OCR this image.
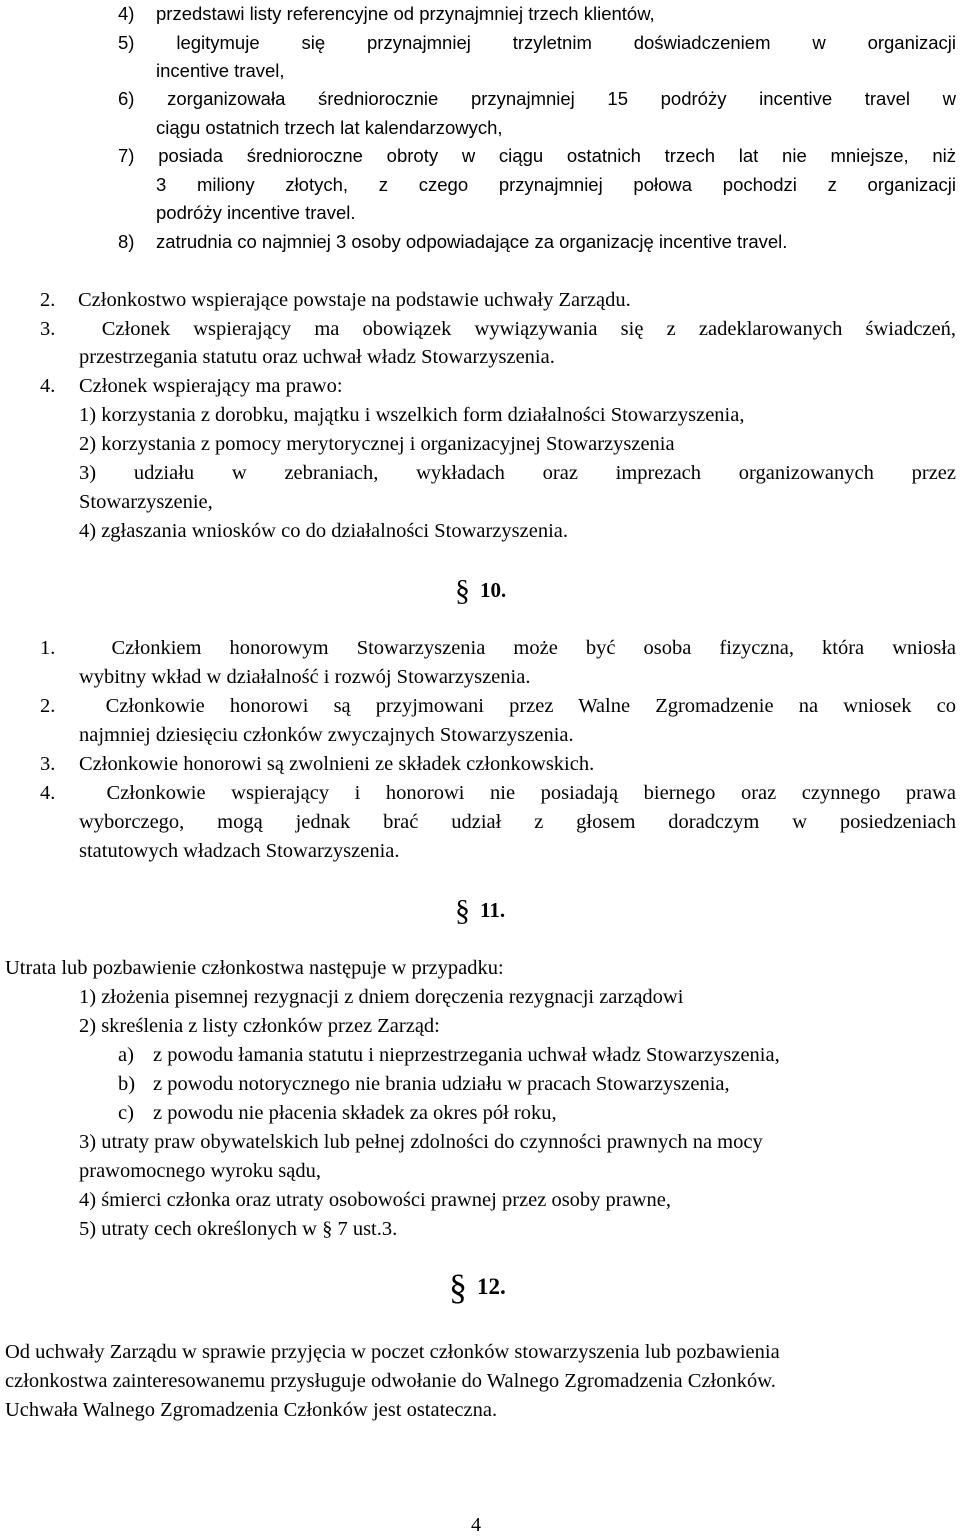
4) przedstawi listy referencyjne od przynajmniej trzech klientów,
5) legitymuje się przynajmniej trzyletnim doświadczeniem w organizacji
incentive travel,
6) zorganizowała średniorocznie przynajmniej 15 podróży incentive travel w
ciągu ostatnich trzech lat kalendarzowych,
7) posiada średnioroczne obroty w ciągu ostatnich trzech lat nie mniejsze, niż
3 miliony złotych, z czego przynajmniej połowa pochodzi z organizacji
podróży incentive travel.
8) zatrudnia co najmniej 3 osoby odpowiadające za organizację incentive travel.
2. Członkostwo wspierające powstaje na podstawie uchwały Zarządu.
3. Członek wspierający ma obowiązek wywiązywania się z zadeklarowanych świadczeń,
przestrzegania statutu oraz uchwał władz Stowarzyszenia.
4. Członek wspierający ma prawo:
1) korzystania z dorobku, majątku i wszelkich form działalności Stowarzyszenia,
2) korzystania z pomocy merytorycznej i organizacyjnej Stowarzyszenia
3) udziału w zebraniach, wykładach oraz imprezach organizowanych przez
Stowarzyszenie,
4) zgłaszania wniosków co do działalności Stowarzyszenia.
§ 10.
1.	Członkiem honorowym Stowarzyszenia może być osoba fizyczna, która wniosła
wybitny wkład w działalność i rozwój Stowarzyszenia.
2. Członkowie honorowi są przyjmowani przez Walne Zgromadzenie na wniosek co
najmniej dziesięciu członków zwyczajnych Stowarzyszenia.
3. Członkowie honorowi są zwolnieni ze składek członkowskich.
4. Członkowie wspierający i honorowi nie posiadają biernego oraz czynnego prawa
wyborczego, mogą jednak brać udział z głosem doradczym w posiedzeniach
statutowych władzach Stowarzyszenia.
§ 11.
Utrata lub pozbawienie członkostwa następuje w przypadku:
1) złożenia pisemnej rezygnacji z dniem doręczenia rezygnacji zarządowi
2) skreślenia z listy członków przez Zarząd:
a) z powodu łamania statutu i nieprzestrzegania uchwał władz Stowarzyszenia,
b) z powodu notorycznego nie brania udziału w pracach Stowarzyszenia,
c) z powodu nie płacenia składek za okres pół roku,
3) utraty praw obywatelskich lub pełnej zdolności do czynności prawnych na mocy
prawomocnego wyroku sądu,
4) śmierci członka oraz utraty osobowości prawnej przez osoby prawne,
5) utraty cech określonych w § 7 ust.3.
§ 12.
Od uchwały Zarządu w sprawie przyjęcia w poczet członków stowarzyszenia lub pozbawienia
członkostwa zainteresowanemu przysługuje odwołanie do Walnego Zgromadzenia Członków.
Uchwała Walnego Zgromadzenia Członków jest ostateczna.
4
